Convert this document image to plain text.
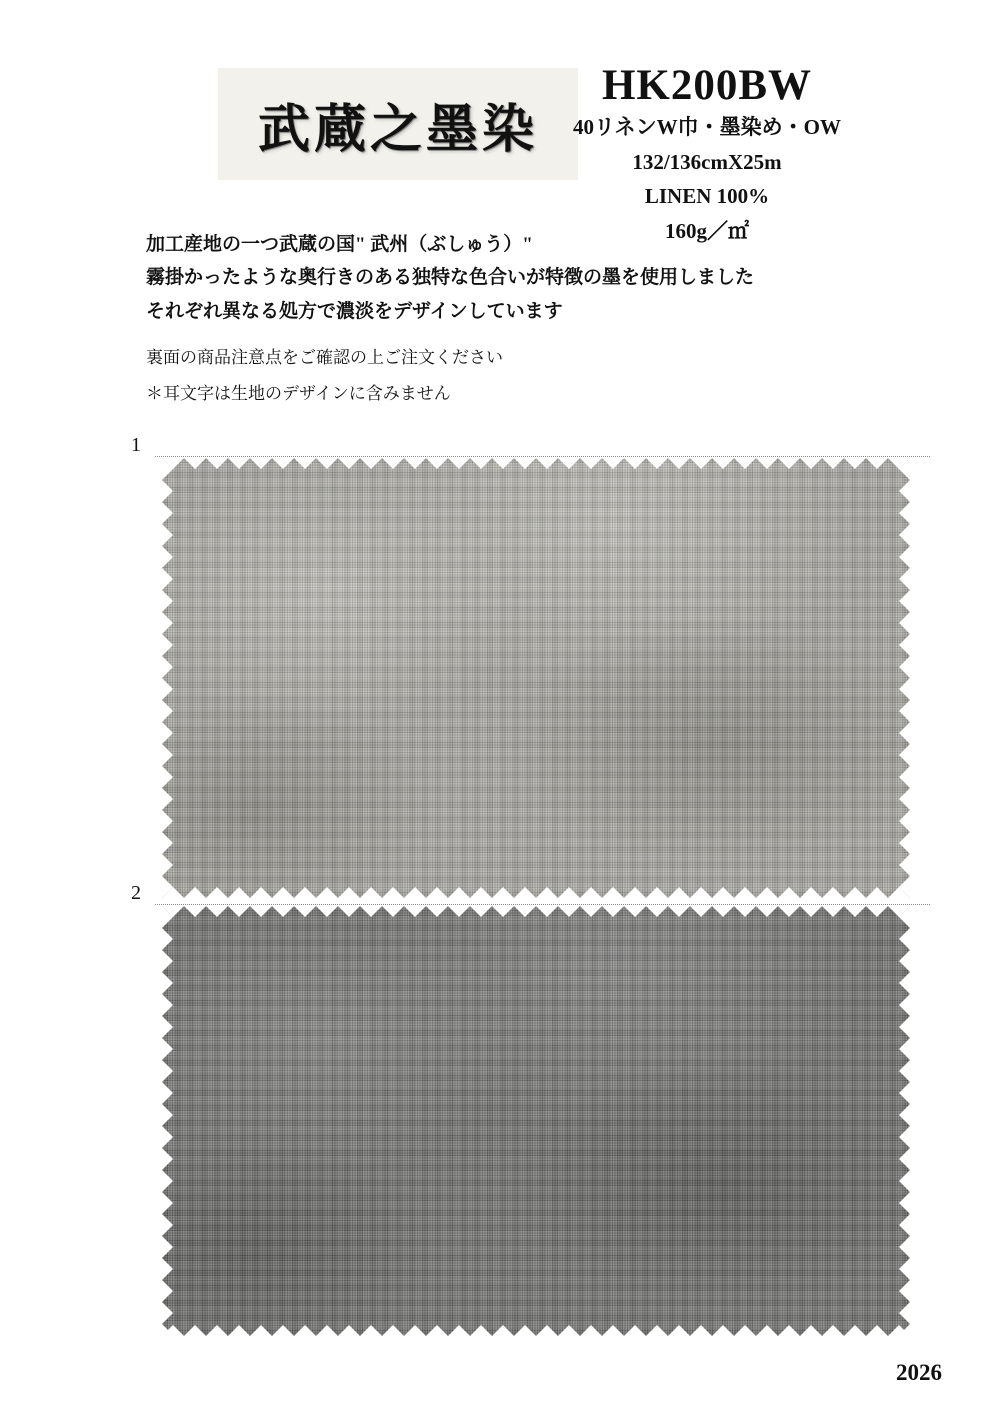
武蔵之墨染
HK200BW
40リネンW巾・墨染め・OW
132/136cmX25m
LINEN 100%
160g／㎡
加工産地の一つ武蔵の国" 武州（ぶしゅう）"
霧掛かったような奥行きのある独特な色合いが特徴の墨を使用しました
それぞれ異なる処方で濃淡をデザインしています
裏面の商品注意点をご確認の上ご注文ください
＊耳文字は生地のデザインに含みません
1
2
2026
